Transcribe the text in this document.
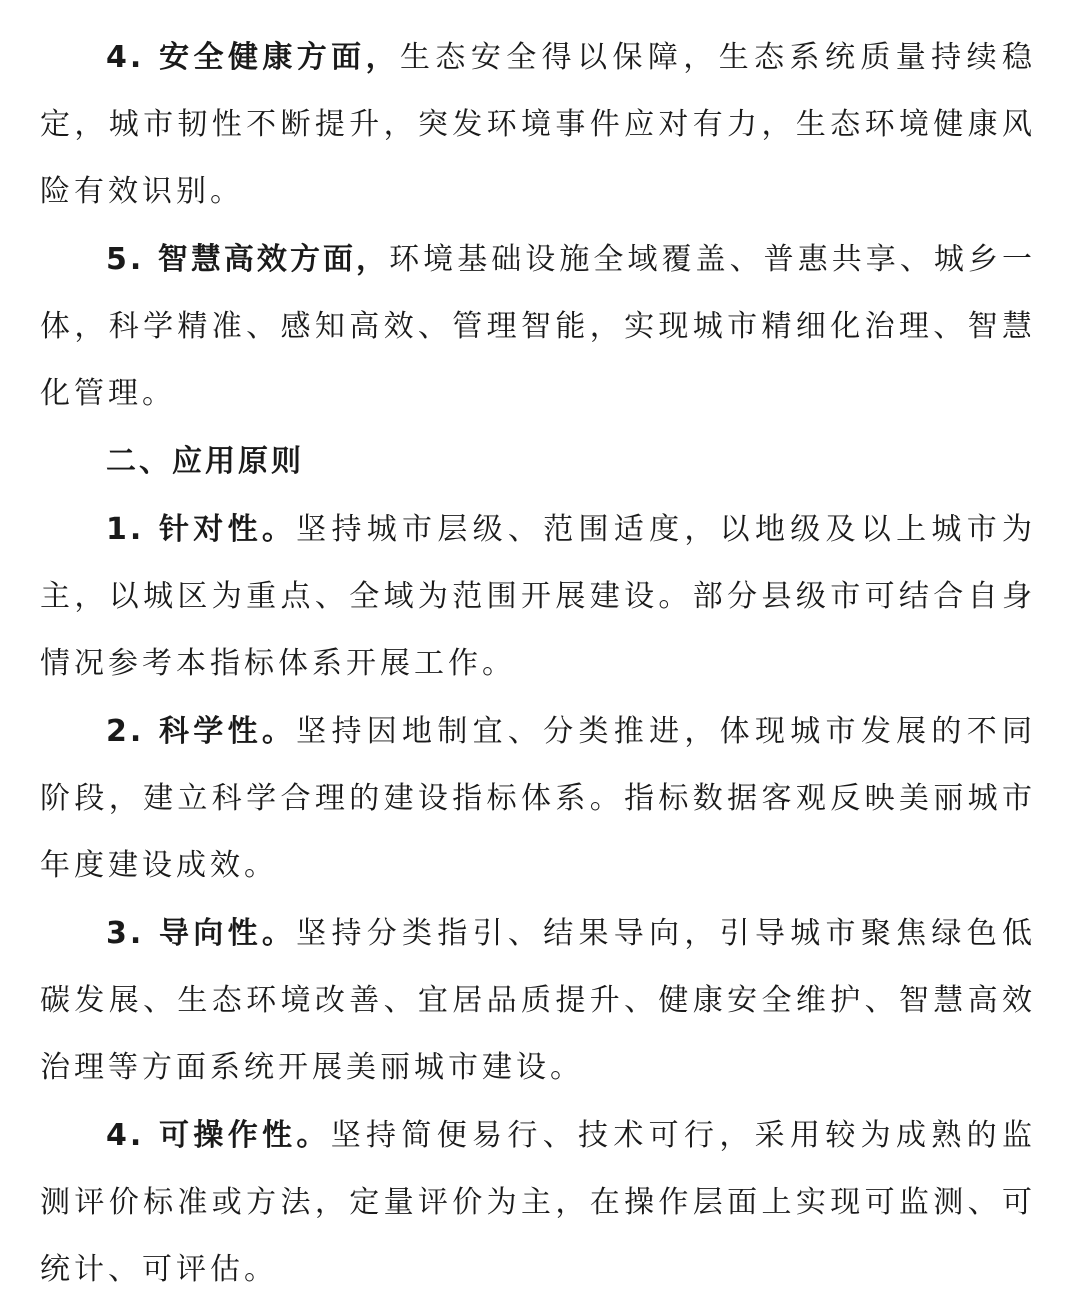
4. 安全健康方面，生态安全得以保障，生态系统质量持续稳定，城市韧性不断提升，突发环境事件应对有力，生态环境健康风险有效识别。

5. 智慧高效方面，环境基础设施全域覆盖、普惠共享、城乡一体，科学精准、感知高效、管理智能，实现城市精细化治理、智慧化管理。

二、应用原则

1. 针对性。坚持城市层级、范围适度，以地级及以上城市为主，以城区为重点、全域为范围开展建设。部分县级市可结合自身情况参考本指标体系开展工作。

2. 科学性。坚持因地制宜、分类推进，体现城市发展的不同阶段，建立科学合理的建设指标体系。指标数据客观反映美丽城市年度建设成效。

3. 导向性。坚持分类指引、结果导向，引导城市聚焦绿色低碳发展、生态环境改善、宜居品质提升、健康安全维护、智慧高效治理等方面系统开展美丽城市建设。

4. 可操作性。坚持简便易行、技术可行，采用较为成熟的监测评价标准或方法，定量评价为主，在操作层面上实现可监测、可统计、可评估。
